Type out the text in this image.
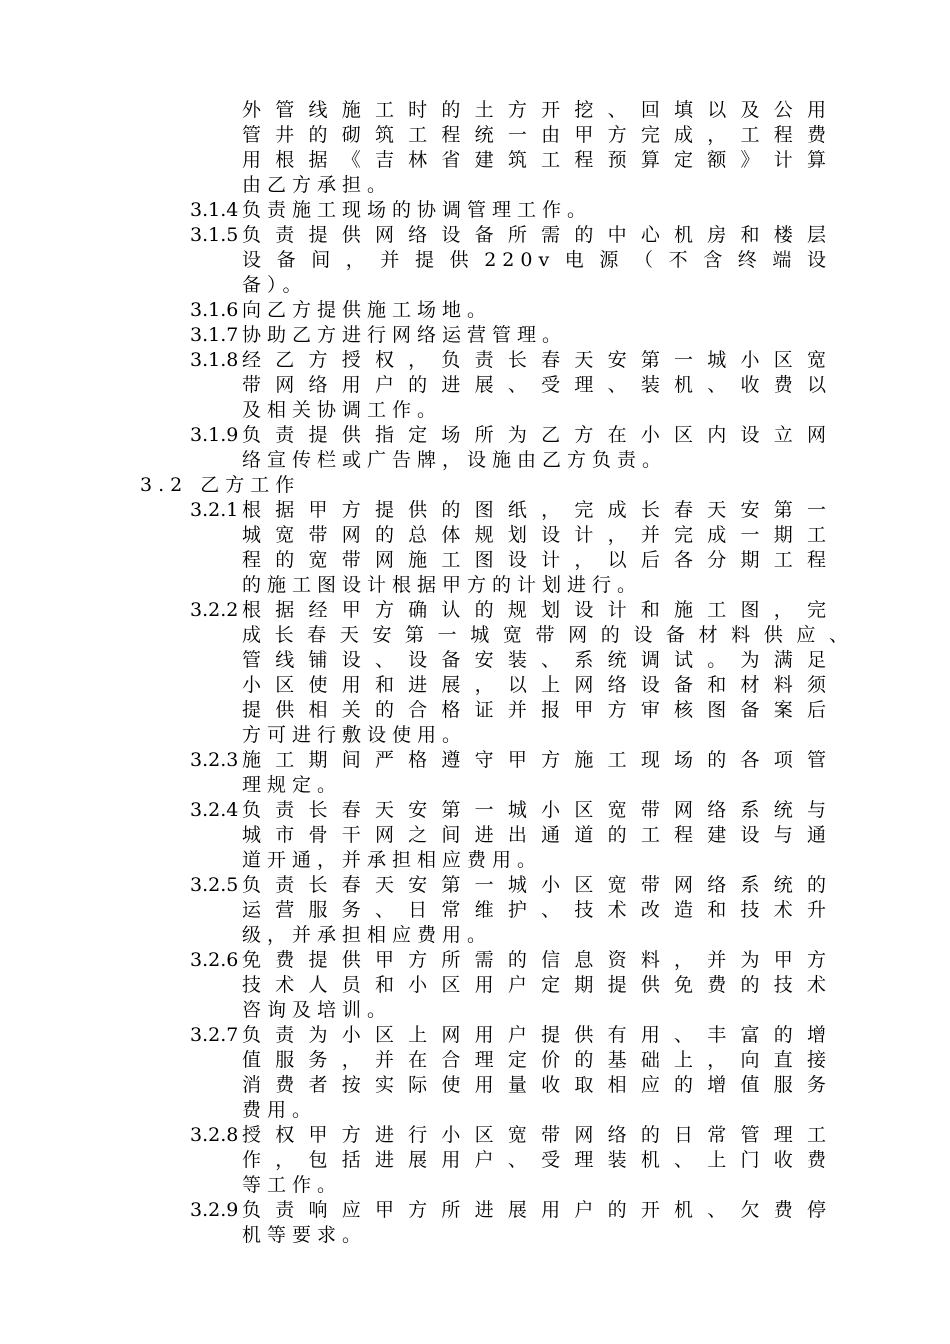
外管线施工时的土方开挖、回填以及公用
管井的砌筑工程统一由甲方完成，工程费
用根据《吉林省建筑工程预算定额》计算
由乙方承担。
3.1.4 负责施工现场的协调管理工作。
3.1.5 负责提供网络设备所需的中心机房和楼层
设备间，并提供220v电源（不含终端设
备）。
3.1.6 向乙方提供施工场地。
3.1.7 协助乙方进行网络运营管理。
3.1.8 经乙方授权，负责长春天安第一城小区宽
带网络用户的进展、受理、装机、收费以
及相关协调工作。
3.1.9 负责提供指定场所为乙方在小区内设立网
络宣传栏或广告牌，设施由乙方负责。
3.2 乙方工作
3.2.1 根据甲方提供的图纸，完成长春天安第一
城宽带网的总体规划设计，并完成一期工
程的宽带网施工图设计，以后各分期工程
的施工图设计根据甲方的计划进行。
3.2.2 根据经甲方确认的规划设计和施工图，完
成长春天安第一城宽带网的设备材料供应、
管线铺设、设备安装、系统调试。为满足
小区使用和进展，以上网络设备和材料须
提供相关的合格证并报甲方审核图备案后
方可进行敷设使用。
3.2.3 施工期间严格遵守甲方施工现场的各项管
理规定。
3.2.4 负责长春天安第一城小区宽带网络系统与
城市骨干网之间进出通道的工程建设与通
道开通，并承担相应费用。
3.2.5 负责长春天安第一城小区宽带网络系统的
运营服务、日常维护、技术改造和技术升
级，并承担相应费用。
3.2.6 免费提供甲方所需的信息资料，并为甲方
技术人员和小区用户定期提供免费的技术
咨询及培训。
3.2.7 负责为小区上网用户提供有用、丰富的增
值服务，并在合理定价的基础上，向直接
消费者按实际使用量收取相应的增值服务
费用。
3.2.8 授权甲方进行小区宽带网络的日常管理工
作，包括进展用户、受理装机、上门收费
等工作。
3.2.9 负责响应甲方所进展用户的开机、欠费停
机等要求。
